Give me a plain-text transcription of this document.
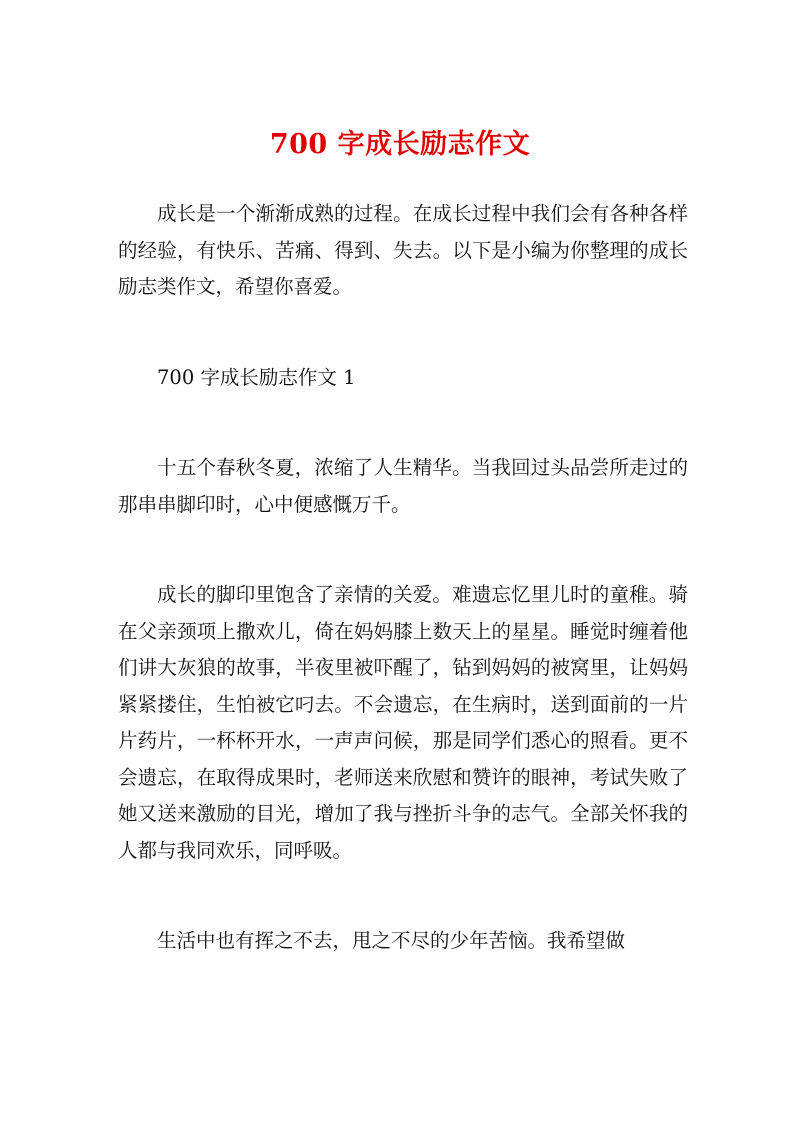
700 字成长励志作文

成长是一个渐渐成熟的过程。在成长过程中我们会有各种各样的经验，有快乐、苦痛、得到、失去。以下是小编为你整理的成长励志类作文，希望你喜爱。

700 字成长励志作文 1

十五个春秋冬夏，浓缩了人生精华。当我回过头品尝所走过的那串串脚印时，心中便感慨万千。

成长的脚印里饱含了亲情的关爱。难遗忘忆里儿时的童稚。骑在父亲颈项上撒欢儿，倚在妈妈膝上数天上的星星。睡觉时缠着他们讲大灰狼的故事，半夜里被吓醒了，钻到妈妈的被窝里，让妈妈紧紧搂住，生怕被它叼去。不会遗忘，在生病时，送到面前的一片片药片，一杯杯开水，一声声问候，那是同学们悉心的照看。更不会遗忘，在取得成果时，老师送来欣慰和赞许的眼神，考试失败了她又送来激励的目光，增加了我与挫折斗争的志气。全部关怀我的人都与我同欢乐，同呼吸。

生活中也有挥之不去，甩之不尽的少年苦恼。我希望做
